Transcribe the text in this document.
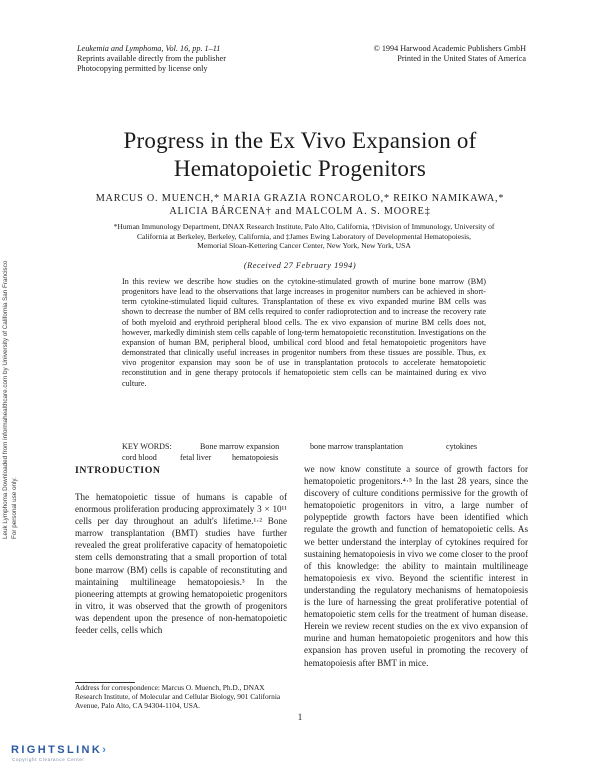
Leukemia and Lymphoma, Vol. 16, pp. 1–11
Reprints available directly from the publisher
Photocopying permitted by license only
© 1994 Harwood Academic Publishers GmbH
Printed in the United States of America
Progress in the Ex Vivo Expansion of
Hematopoietic Progenitors
MARCUS O. MUENCH,* MARIA GRAZIA RONCAROLO,* REIKO NAMIKAWA,*
ALICIA BÁRCENA† and MALCOLM A. S. MOORE‡
*Human Immunology Department, DNAX Research Institute, Palo Alto, California, †Division of Immunology, University of
California at Berkeley, Berkeley, California, and ‡James Ewing Laboratory of Developmental Hematopoiesis,
Memorial Sloan-Kettering Cancer Center, New York, New York, USA
(Received 27 February 1994)
In this review we describe how studies on the cytokine-stimulated growth of murine bone marrow (BM) progenitors have lead to the observations that large increases in progenitor numbers can be achieved in short-term cytokine-stimulated liquid cultures. Transplantation of these ex vivo expanded murine BM cells was shown to decrease the number of BM cells required to confer radioprotection and to increase the recovery rate of both myeloid and erythroid peripheral blood cells. The ex vivo expansion of murine BM cells does not, however, markedly diminish stem cells capable of long-term hematopoietic reconstitution. Investigations on the expansion of human BM, peripheral blood, umbilical cord blood and fetal hematopoietic progenitors have demonstrated that clinically useful increases in progenitor numbers from these tissues are possible. Thus, ex vivo progenitor expansion may soon be of use in transplantation protocols to accelerate hematopoietic reconstitution and in gene therapy protocols if hematopoietic stem cells can be maintained during ex vivo culture.
KEY WORDS:	Bone marrow expansion	bone marrow transplantation	cytokines
cord blood	fetal liver	hematopoiesis
INTRODUCTION

The hematopoietic tissue of humans is capable of enormous proliferation producing approximately 3 × 10¹¹ cells per day throughout an adult's lifetime.¹·² Bone marrow transplantation (BMT) studies have further revealed the great proliferative capacity of hematopoietic stem cells demonstrating that a small proportion of total bone marrow (BM) cells is capable of reconstituting and maintaining multilineage hematopoiesis.³ In the pioneering attempts at growing hematopoietic progenitors in vitro, it was observed that the growth of progenitors was dependent upon the presence of non-hematopoietic feeder cells, cells which

we now know constitute a source of growth factors for hematopoietic progenitors.⁴·⁵ In the last 28 years, since the discovery of culture conditions permissive for the growth of hematopoietic progenitors in vitro, a large number of polypeptide growth factors have been identified which regulate the growth and function of hematopoietic cells. As we better understand the interplay of cytokines required for sustaining hematopoiesis in vivo we come closer to the proof of this knowledge: the ability to maintain multilineage hematopoiesis ex vivo. Beyond the scientific interest in understanding the regulatory mechanisms of hematopoiesis is the lure of harnessing the great proliferative potential of hematopoietic stem cells for the treatment of human disease. Herein we review recent studies on the ex vivo expansion of murine and human hematopoietic progenitors and how this expansion has proven useful in promoting the recovery of hematopoiesis after BMT in mice.

Address for correspondence: Marcus O. Muench, Ph.D., DNAX Research Institute, of Molecular and Cellular Biology, 901 California Avenue, Palo Alto, CA 94304-1104, USA.
1
Leuk Lymphoma Downloaded from informahealthcare.com by University of California San Francisco For personal use only.
RIGHTSLINK›
Copyright Clearance Center
